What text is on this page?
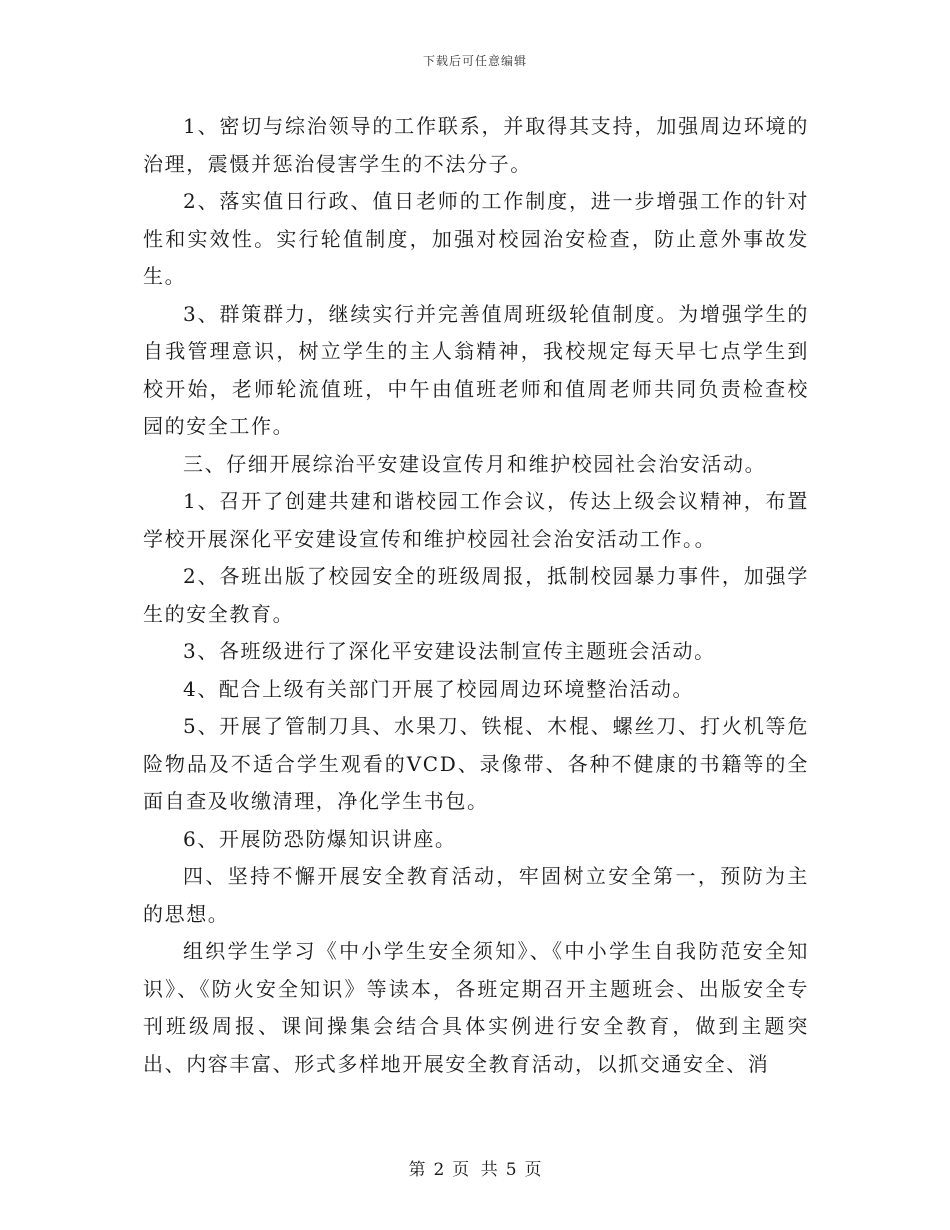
下载后可任意编辑

1、密切与综治领导的工作联系，并取得其支持，加强周边环境的治理，震慑并惩治侵害学生的不法分子。

2、落实值日行政、值日老师的工作制度，进一步增强工作的针对性和实效性。实行轮值制度，加强对校园治安检查，防止意外事故发生。

3、群策群力，继续实行并完善值周班级轮值制度。为增强学生的自我管理意识，树立学生的主人翁精神，我校规定每天早七点学生到校开始，老师轮流值班，中午由值班老师和值周老师共同负责检查校园的安全工作。

三、仔细开展综治平安建设宣传月和维护校园社会治安活动。

1、召开了创建共建和谐校园工作会议，传达上级会议精神，布置学校开展深化平安建设宣传和维护校园社会治安活动工作。。

2、各班出版了校园安全的班级周报，抵制校园暴力事件，加强学生的安全教育。

3、各班级进行了深化平安建设法制宣传主题班会活动。

4、配合上级有关部门开展了校园周边环境整治活动。

5、开展了管制刀具、水果刀、铁棍、木棍、螺丝刀、打火机等危险物品及不适合学生观看的VCD、录像带、各种不健康的书籍等的全面自查及收缴清理，净化学生书包。

6、开展防恐防爆知识讲座。

四、坚持不懈开展安全教育活动，牢固树立安全第一，预防为主的思想。

组织学生学习《中小学生安全须知》、《中小学生自我防范安全知识》、《防火安全知识》等读本，各班定期召开主题班会、出版安全专刊班级周报、课间操集会结合具体实例进行安全教育，做到主题突出、内容丰富、形式多样地开展安全教育活动，以抓交通安全、消

第 2 页 共 5 页
